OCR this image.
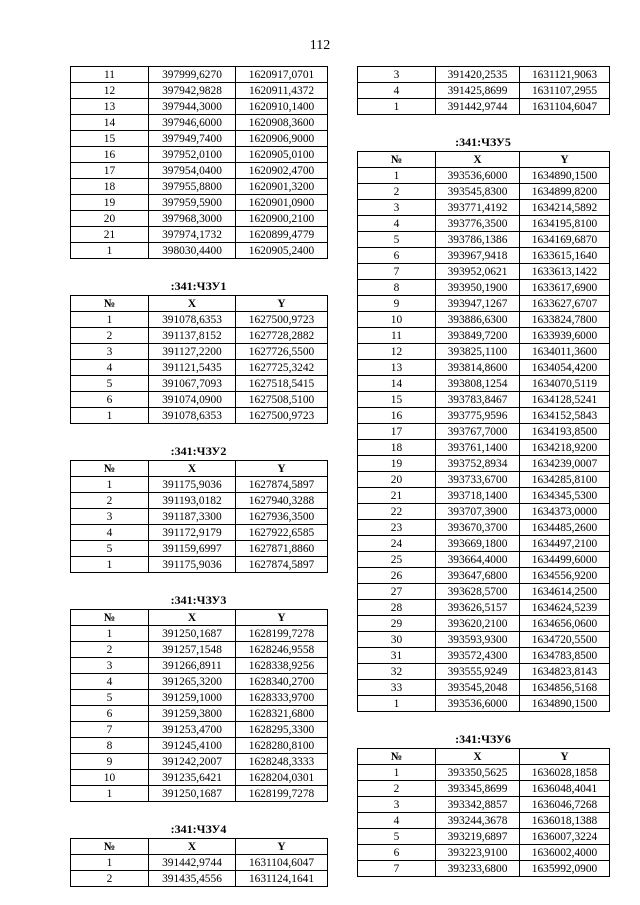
112
11	397999,6270	1620917,0701
12	397942,9828	1620911,4372
13	397944,3000	1620910,1400
14	397946,6000	1620908,3600
15	397949,7400	1620906,9000
16	397952,0100	1620905,0100
17	397954,0400	1620902,4700
18	397955,8800	1620901,3200
19	397959,5900	1620901,0900
20	397968,3000	1620900,2100
21	397974,1732	1620899,4779
1	398030,4400	1620905,2400
:341:ЧЗУ1
№	X	Y
1	391078,6353	1627500,9723
2	391137,8152	1627728,2882
3	391127,2200	1627726,5500
4	391121,5435	1627725,3242
5	391067,7093	1627518,5415
6	391074,0900	1627508,5100
1	391078,6353	1627500,9723
:341:ЧЗУ2
№	X	Y
1	391175,9036	1627874,5897
2	391193,0182	1627940,3288
3	391187,3300	1627936,3500
4	391172,9179	1627922,6585
5	391159,6997	1627871,8860
1	391175,9036	1627874,5897
:341:ЧЗУ3
№	X	Y
1	391250,1687	1628199,7278
2	391257,1548	1628246,9558
3	391266,8911	1628338,9256
4	391265,3200	1628340,2700
5	391259,1000	1628333,9700
6	391259,3800	1628321,6800
7	391253,4700	1628295,3300
8	391245,4100	1628280,8100
9	391242,2007	1628248,3333
10	391235,6421	1628204,0301
1	391250,1687	1628199,7278
:341:ЧЗУ4
№	X	Y
1	391442,9744	1631104,6047
2	391435,4556	1631124,1641
3	391420,2535	1631121,9063
4	391425,8699	1631107,2955
1	391442,9744	1631104,6047
:341:ЧЗУ5
№	X	Y
1	393536,6000	1634890,1500
2	393545,8300	1634899,8200
3	393771,4192	1634214,5892
4	393776,3500	1634195,8100
5	393786,1386	1634169,6870
6	393967,9418	1633615,1640
7	393952,0621	1633613,1422
8	393950,1900	1633617,6900
9	393947,1267	1633627,6707
10	393886,6300	1633824,7800
11	393849,7200	1633939,6000
12	393825,1100	1634011,3600
13	393814,8600	1634054,4200
14	393808,1254	1634070,5119
15	393783,8467	1634128,5241
16	393775,9596	1634152,5843
17	393767,7000	1634193,8500
18	393761,1400	1634218,9200
19	393752,8934	1634239,0007
20	393733,6700	1634285,8100
21	393718,1400	1634345,5300
22	393707,3900	1634373,0000
23	393670,3700	1634485,2600
24	393669,1800	1634497,2100
25	393664,4000	1634499,6000
26	393647,6800	1634556,9200
27	393628,5700	1634614,2500
28	393626,5157	1634624,5239
29	393620,2100	1634656,0600
30	393593,9300	1634720,5500
31	393572,4300	1634783,8500
32	393555,9249	1634823,8143
33	393545,2048	1634856,5168
1	393536,6000	1634890,1500
:341:ЧЗУ6
№	X	Y
1	393350,5625	1636028,1858
2	393345,8699	1636048,4041
3	393342,8857	1636046,7268
4	393244,3678	1636018,1388
5	393219,6897	1636007,3224
6	393223,9100	1636002,4000
7	393233,6800	1635992,0900
